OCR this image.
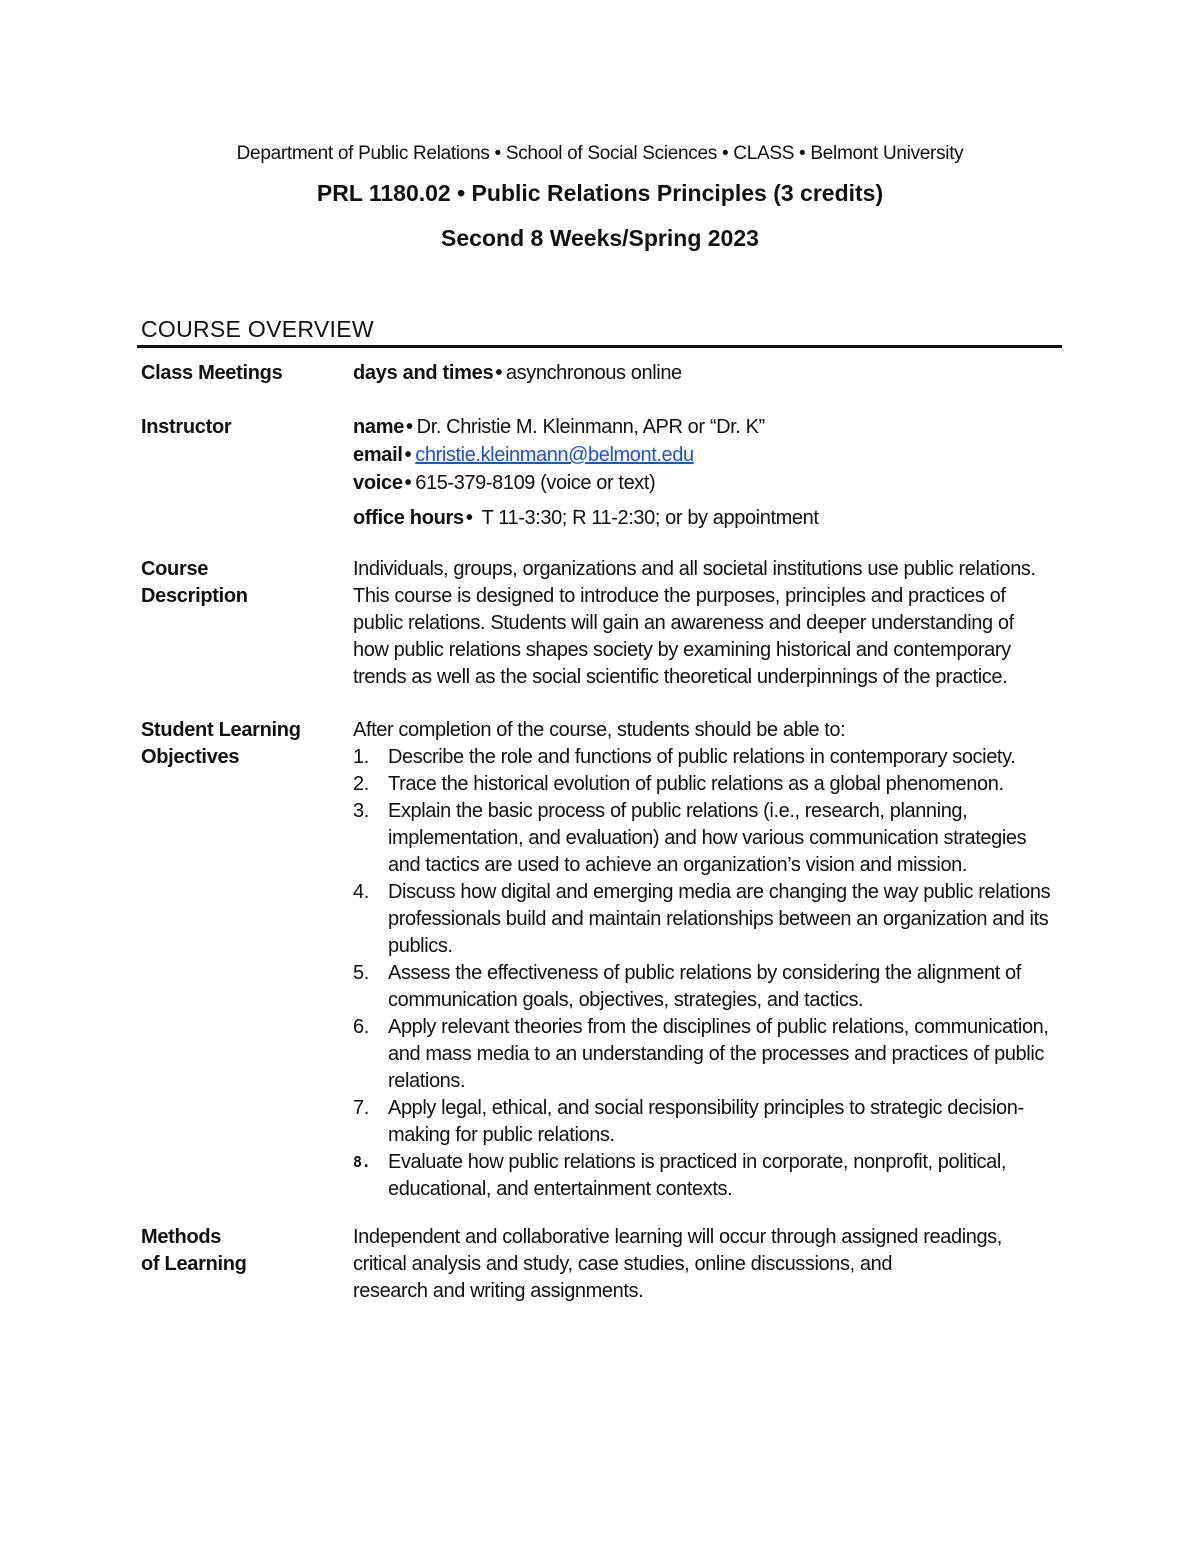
Department of Public Relations • School of Social Sciences • CLASS • Belmont University
PRL 1180.02 • Public Relations Principles (3 credits)
Second 8 Weeks/Spring 2023
COURSE OVERVIEW
Class Meetings	days and times • asynchronous online
Instructor	name • Dr. Christie M. Kleinmann, APR or “Dr. K”
email • christie.kleinmann@belmont.edu
voice • 615-379-8109 (voice or text)
office hours • T 11-3:30; R 11-2:30; or by appointment
Course
Description
Individuals, groups, organizations and all societal institutions use public relations.
This course is designed to introduce the purposes, principles and practices of
public relations. Students will gain an awareness and deeper understanding of
how public relations shapes society by examining historical and contemporary
trends as well as the social scientific theoretical underpinnings of the practice.
Student Learning
Objectives
After completion of the course, students should be able to:
1. Describe the role and functions of public relations in contemporary society.
2. Trace the historical evolution of public relations as a global phenomenon.
3. Explain the basic process of public relations (i.e., research, planning,
implementation, and evaluation) and how various communication strategies
and tactics are used to achieve an organization’s vision and mission.
4. Discuss how digital and emerging media are changing the way public relations
professionals build and maintain relationships between an organization and its
publics.
5. Assess the effectiveness of public relations by considering the alignment of
communication goals, objectives, strategies, and tactics.
6. Apply relevant theories from the disciplines of public relations, communication,
and mass media to an understanding of the processes and practices of public
relations.
7. Apply legal, ethical, and social responsibility principles to strategic decision-
making for public relations.
8. Evaluate how public relations is practiced in corporate, nonprofit, political,
educational, and entertainment contexts.
Methods
of Learning
Independent and collaborative learning will occur through assigned readings,
critical analysis and study, case studies, online discussions, and
research and writing assignments.
